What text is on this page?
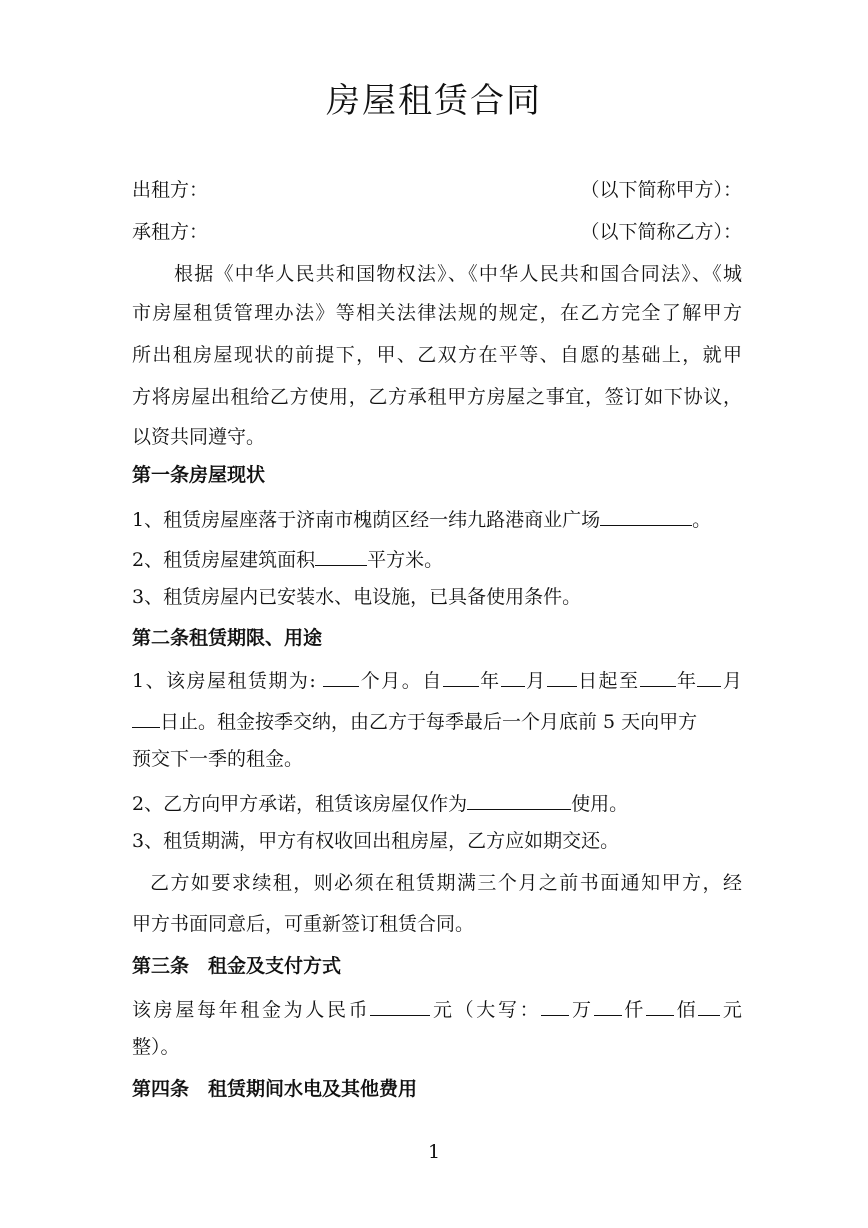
房屋租赁合同
出租方：	（以下简称甲方）：
承租方：	（以下简称乙方）：
根据《中华人民共和国物权法》、《中华人民共和国合同法》、《城
市房屋租赁管理办法》等相关法律法规的规定，在乙方完全了解甲方
所出租房屋现状的前提下，甲、乙双方在平等、自愿的基础上，就甲
方将房屋出租给乙方使用，乙方承租甲方房屋之事宜，签订如下协议，
以资共同遵守。
第一条房屋现状
1、租赁房屋座落于济南市槐荫区经一纬九路港商业广场	。
2、租赁房屋建筑面积	平方米。
3、租赁房屋内已安装水、电设施，已具备使用条件。
第二条租赁期限、用途
1、该房屋租赁期为: 个月。自 年 月 日起至 年 月
日止。租金按季交纳，由乙方于每季最后一个月底前 5 天向甲方
预交下一季的租金。
2、乙方向甲方承诺，租赁该房屋仅作为	使用。
3、租赁期满，甲方有权收回出租房屋，乙方应如期交还。
乙方如要求续租，则必须在租赁期满三个月之前书面通知甲方，经
甲方书面同意后，可重新签订租赁合同。
第三条　租金及支付方式
该房屋每年租金为人民币	元（大写： 万 仟 佰 元
整）。
第四条　租赁期间水电及其他费用
1
